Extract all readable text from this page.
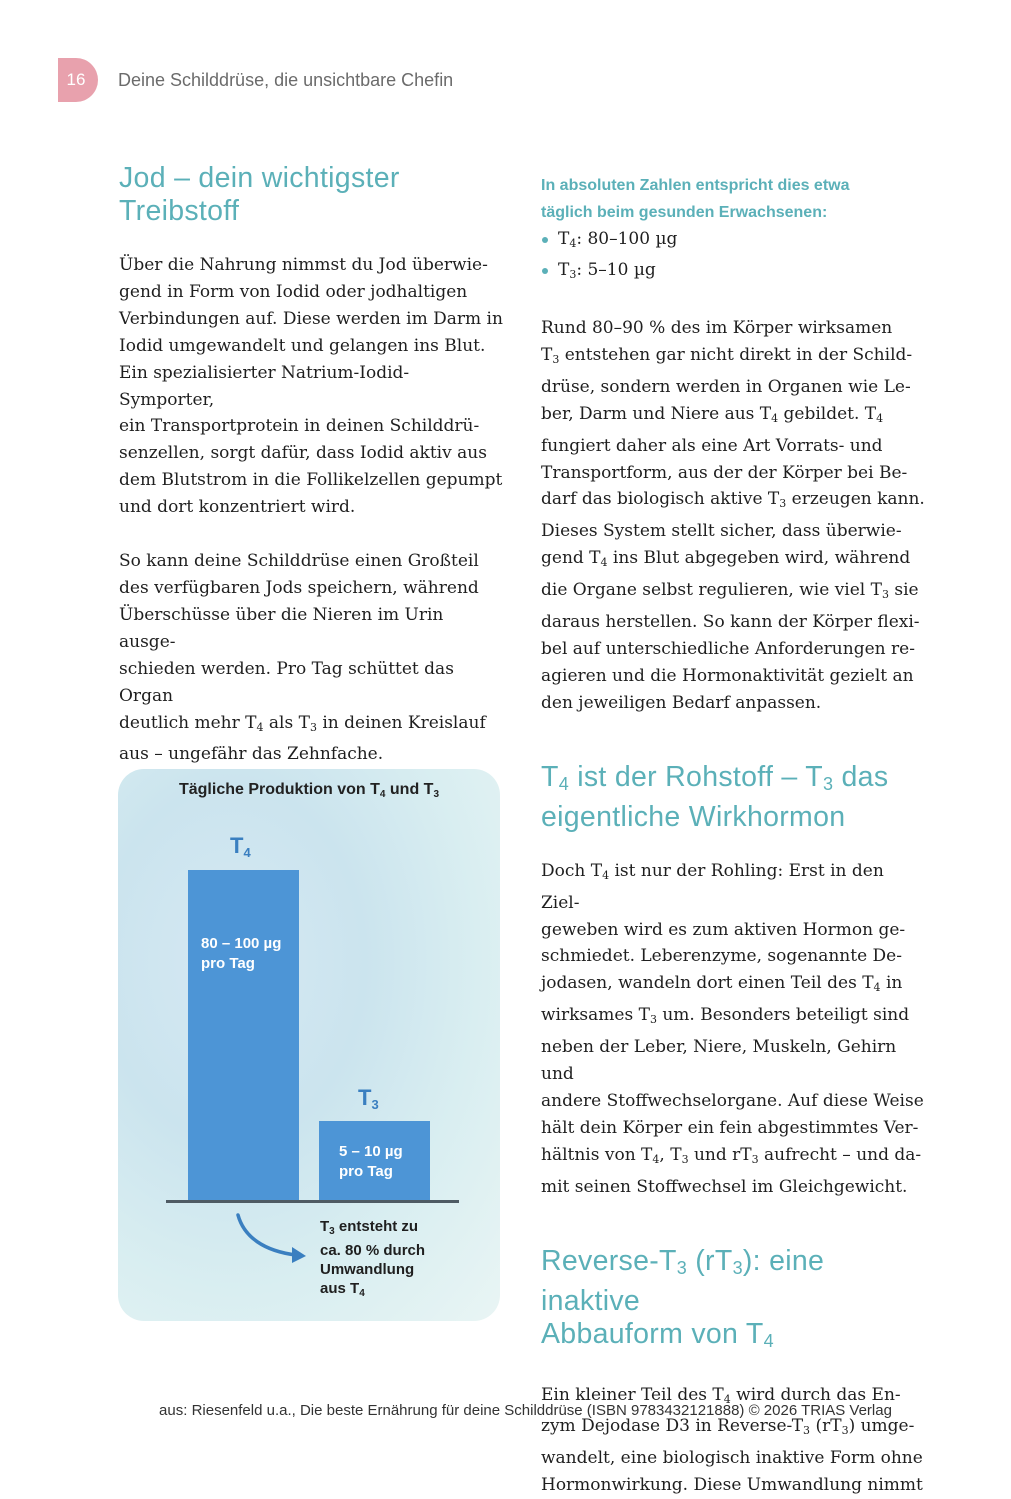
16	Deine Schilddrüse, die unsichtbare Chefin
Jod – dein wichtigster
Treibstoff

Über die Nahrung nimmst du Jod überwie-
gend in Form von Iodid oder jodhaltigen
Verbindungen auf. Diese werden im Darm in
Iodid umgewandelt und gelangen ins Blut.
Ein spezialisierter Natrium-Iodid-Symporter,
ein Transportprotein in deinen Schilddrü-
senzellen, sorgt dafür, dass Iodid aktiv aus
dem Blutstrom in die Follikelzellen gepumpt
und dort konzentriert wird.

So kann deine Schilddrüse einen Großteil
des verfügbaren Jods speichern, während
Überschüsse über die Nieren im Urin ausge-
schieden werden. Pro Tag schüttet das Organ
deutlich mehr $T_4$ als $T_3$ in deinen Kreislauf
aus – ungefähr das Zehnfache.

Tägliche Produktion von $T_4$ und $T_3$
$T_4$
80 – 100 µg
pro Tag
$T_3$
5 – 10 µg
pro Tag
$T_3$ entsteht zu
ca. 80 % durch
Umwandlung
aus $T_4$
In absoluten Zahlen entspricht dies etwa
täglich beim gesunden Erwachsenen:
$T_4$: 80–100 µg
$T_3$: 5–10 µg

Rund 80–90 % des im Körper wirksamen
$T_3$ entstehen gar nicht direkt in der Schild-
drüse, sondern werden in Organen wie Le-
ber, Darm und Niere aus $T_4$ gebildet. $T_4$
fungiert daher als eine Art Vorrats- und
Transportform, aus der der Körper bei Be-
darf das biologisch aktive $T_3$ erzeugen kann.
Dieses System stellt sicher, dass überwie-
gend $T_4$ ins Blut abgegeben wird, während
die Organe selbst regulieren, wie viel $T_3$ sie
daraus herstellen. So kann der Körper flexi-
bel auf unterschiedliche Anforderungen re-
agieren und die Hormonaktivität gezielt an
den jeweiligen Bedarf anpassen.

$T_4$ ist der Rohstoff – $T_3$ das
eigentliche Wirkhormon

Doch $T_4$ ist nur der Rohling: Erst in den Ziel-
geweben wird es zum aktiven Hormon ge-
schmiedet. Leberenzyme, sogenannte De-
jodasen, wandeln dort einen Teil des $T_4$ in
wirksames $T_3$ um. Besonders beteiligt sind
neben der Leber, Niere, Muskeln, Gehirn und
andere Stoffwechselorgane. Auf diese Weise
hält dein Körper ein fein abgestimmtes Ver-
hältnis von $T_4$, $T_3$ und $rT_3$ aufrecht – und da-
mit seinen Stoffwechsel im Gleichgewicht.

Reverse-$T_3$ $(rT_3)$: eine inaktive
Abbauform von $T_4$

Ein kleiner Teil des $T_4$ wird durch das En-
zym Dejodase D3 in Reverse-$T_3$ $(rT_3)$ umge-
wandelt, eine biologisch inaktive Form ohne
Hormonwirkung. Diese Umwandlung nimmt

aus: Riesenfeld u.a., Die beste Ernährung für deine Schilddrüse (ISBN 9783432121888) © 2026 TRIAS Verlag
